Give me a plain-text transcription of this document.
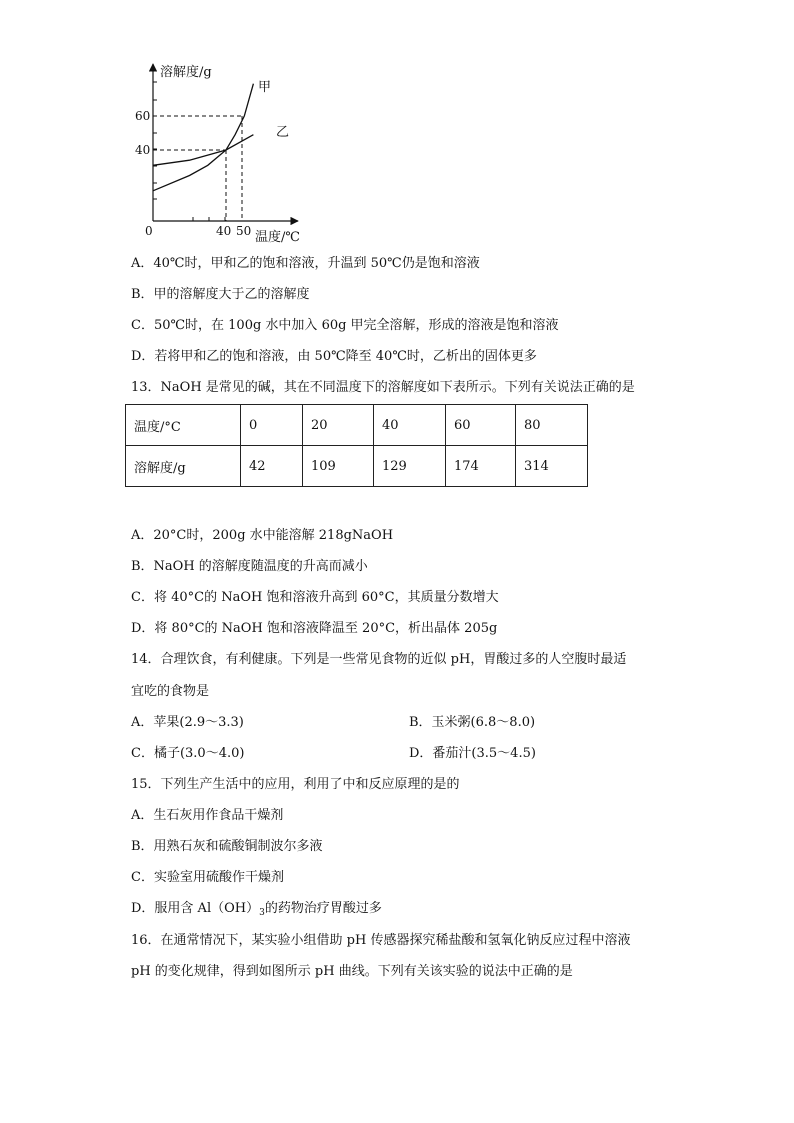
溶解度/g
温度/℃
0
60
40
40 50
甲
乙
A．40℃时，甲和乙的饱和溶液，升温到 50℃仍是饱和溶液
B．甲的溶解度大于乙的溶解度
C．50℃时，在 100g 水中加入 60g 甲完全溶解，形成的溶液是饱和溶液
D．若将甲和乙的饱和溶液，由 50℃降至 40℃时，乙析出的固体更多
13．NaOH 是常见的碱，其在不同温度下的溶解度如下表所示。下列有关说法正确的是
温度/°C	0	20	40	60	80
溶解度/g	42	109	129	174	314
A．20°C时，200g 水中能溶解 218gNaOH
B．NaOH 的溶解度随温度的升高而减小
C．将 40°C的 NaOH 饱和溶液升高到 60°C，其质量分数增大
D．将 80°C的 NaOH 饱和溶液降温至 20°C，析出晶体 205g
14．合理饮食，有利健康。下列是一些常见食物的近似 pH，胃酸过多的人空腹时最适
宜吃的食物是
A．苹果(2.9～3.3)	B．玉米粥(6.8～8.0)
C．橘子(3.0～4.0)	D．番茄汁(3.5～4.5)
15．下列生产生活中的应用，利用了中和反应原理的是的
A．生石灰用作食品干燥剂
B．用熟石灰和硫酸铜制波尔多液
C．实验室用硫酸作干燥剂
D．服用含 $Al(OH)_3$的药物治疗胃酸过多
16．在通常情况下，某实验小组借助 pH 传感器探究稀盐酸和氢氧化钠反应过程中溶液
pH 的变化规律，得到如图所示 pH 曲线。下列有关该实验的说法中正确的是
